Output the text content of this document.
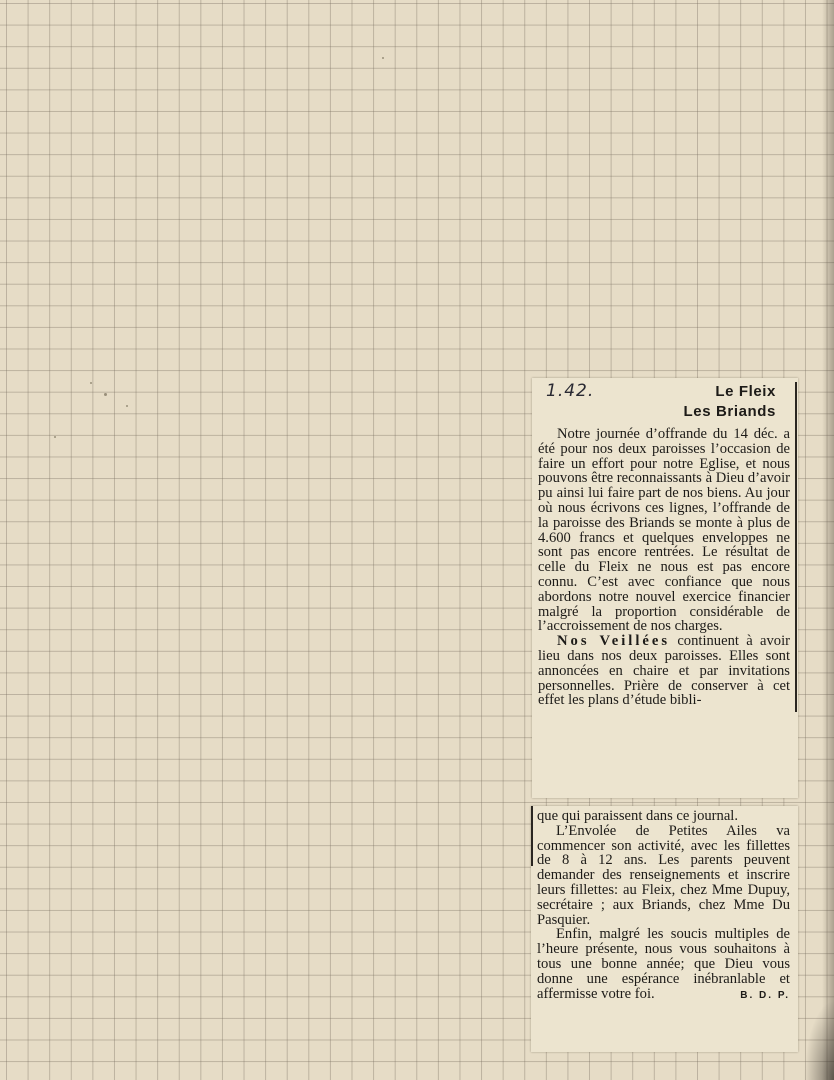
1.42.	Le Fleix
Les Briands

Notre journée d’offrande du 14 déc. a été pour nos deux paroisses l’occasion de faire un effort pour notre Eglise, et nous pouvons être reconnaissants à Dieu d’avoir pu ainsi lui faire part de nos biens. Au jour où nous écrivons ces lignes, l’offrande de la paroisse des Briands se monte à plus de 4.600 francs et quelques enveloppes ne sont pas encore rentrées. Le résultat de celle du Fleix ne nous est pas encore connu. C’est avec confiance que nous abordons notre nouvel exercice financier malgré la proportion considérable de l’accroissement de nos charges.

Nos Veillées continuent à avoir lieu dans nos deux paroisses. Elles sont annoncées en chaire et par invitations personnelles. Prière de conserver à cet effet les plans d’étude bibli-

que qui paraissent dans ce journal.

L’Envolée de Petites Ailes va commencer son activité, avec les fillettes de 8 à 12 ans. Les parents peuvent demander des renseignements et inscrire leurs fillettes: au Fleix, chez Mme Dupuy, secrétaire ; aux Briands, chez Mme Du Pasquier.

Enfin, malgré les soucis multiples de l’heure présente, nous vous souhaitons à tous une bonne année; que Dieu vous donne une espérance inébranlable et affermisse votre foi.	B. D. P.
